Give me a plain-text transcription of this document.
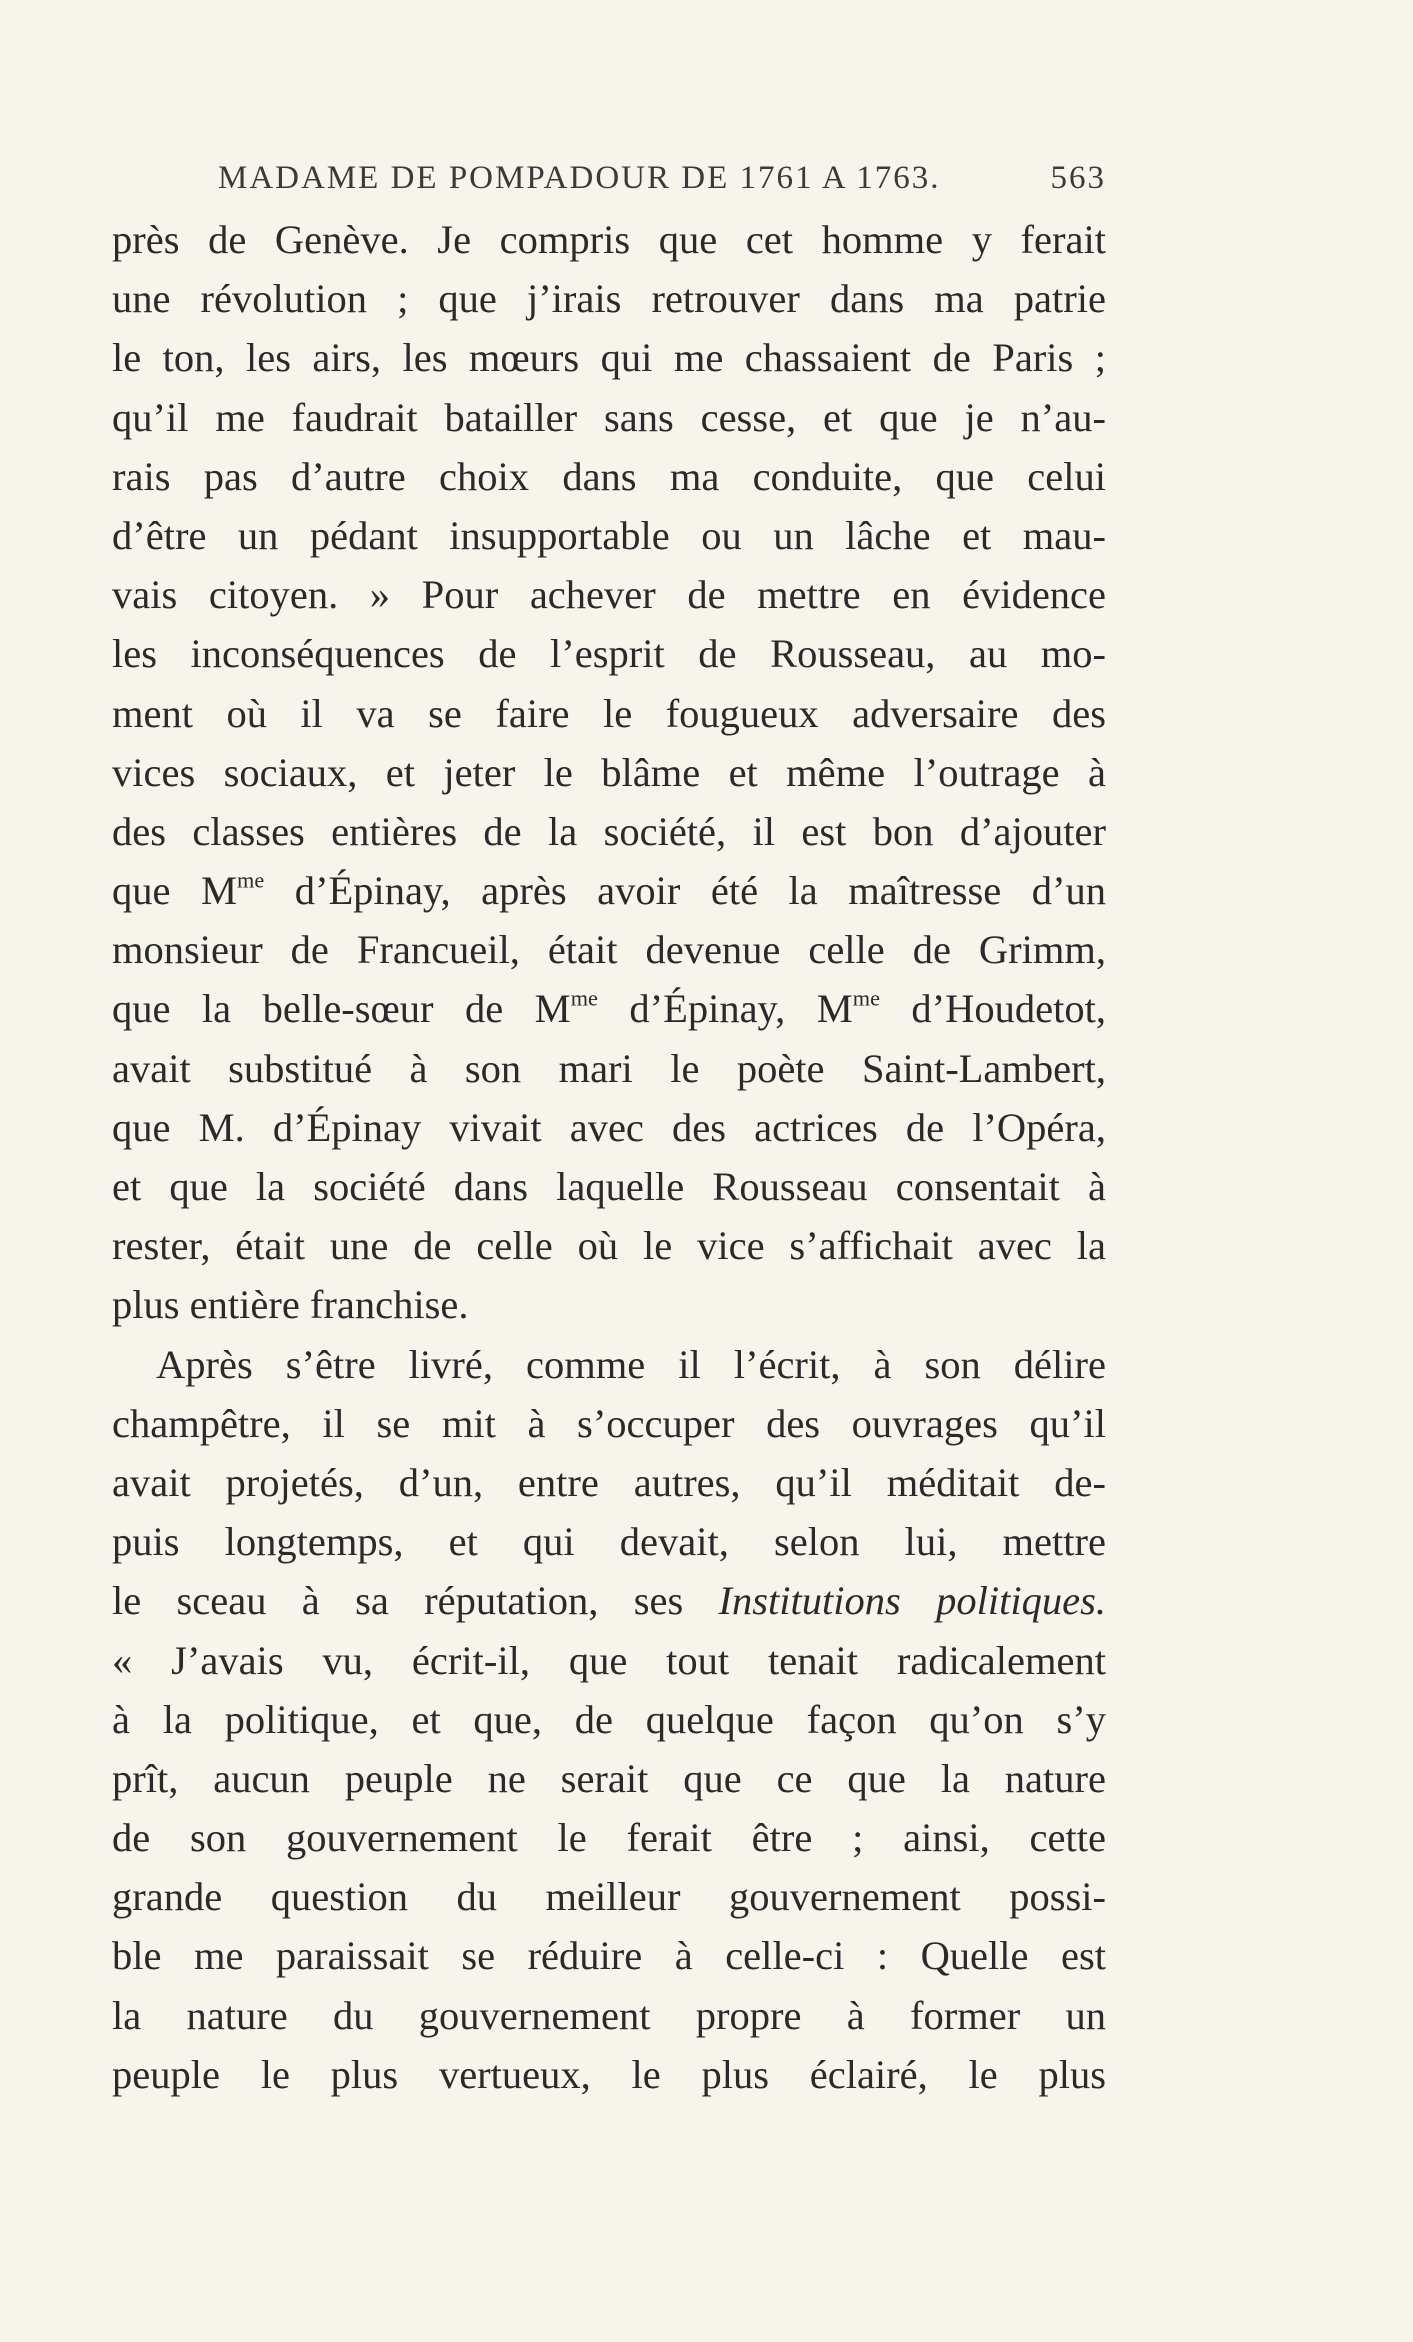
MADAME DE POMPADOUR DE 1761 A 1763.	563
près de Genève. Je compris que cet homme y ferait
une révolution ; que j’irais retrouver dans ma patrie
le ton, les airs, les mœurs qui me chassaient de Paris ;
qu’il me faudrait batailler sans cesse, et que je n’au-
rais pas d’autre choix dans ma conduite, que celui
d’être un pédant insupportable ou un lâche et mau-
vais citoyen. » Pour achever de mettre en évidence
les inconséquences de l’esprit de Rousseau, au mo-
ment où il va se faire le fougueux adversaire des
vices sociaux, et jeter le blâme et même l’outrage à
des classes entières de la société, il est bon d’ajouter
que $M^{me}$ d’Épinay, après avoir été la maîtresse d’un
monsieur de Francueil, était devenue celle de Grimm,
que la belle-sœur de $M^{me}$ d’Épinay, $M^{me}$ d’Houdetot,
avait substitué à son mari le poète Saint-Lambert,
que M. d’Épinay vivait avec des actrices de l’Opéra,
et que la société dans laquelle Rousseau consentait à
rester, était une de celle où le vice s’affichait avec la
plus entière franchise.
Après s’être livré, comme il l’écrit, à son délire
champêtre, il se mit à s’occuper des ouvrages qu’il
avait projetés, d’un, entre autres, qu’il méditait de-
puis longtemps, et qui devait, selon lui, mettre
le sceau à sa réputation, ses Institutions politiques.
« J’avais vu, écrit-il, que tout tenait radicalement
à la politique, et que, de quelque façon qu’on s’y
prît, aucun peuple ne serait que ce que la nature
de son gouvernement le ferait être ; ainsi, cette
grande question du meilleur gouvernement possi-
ble me paraissait se réduire à celle-ci : Quelle est
la nature du gouvernement propre à former un
peuple le plus vertueux, le plus éclairé, le plus
